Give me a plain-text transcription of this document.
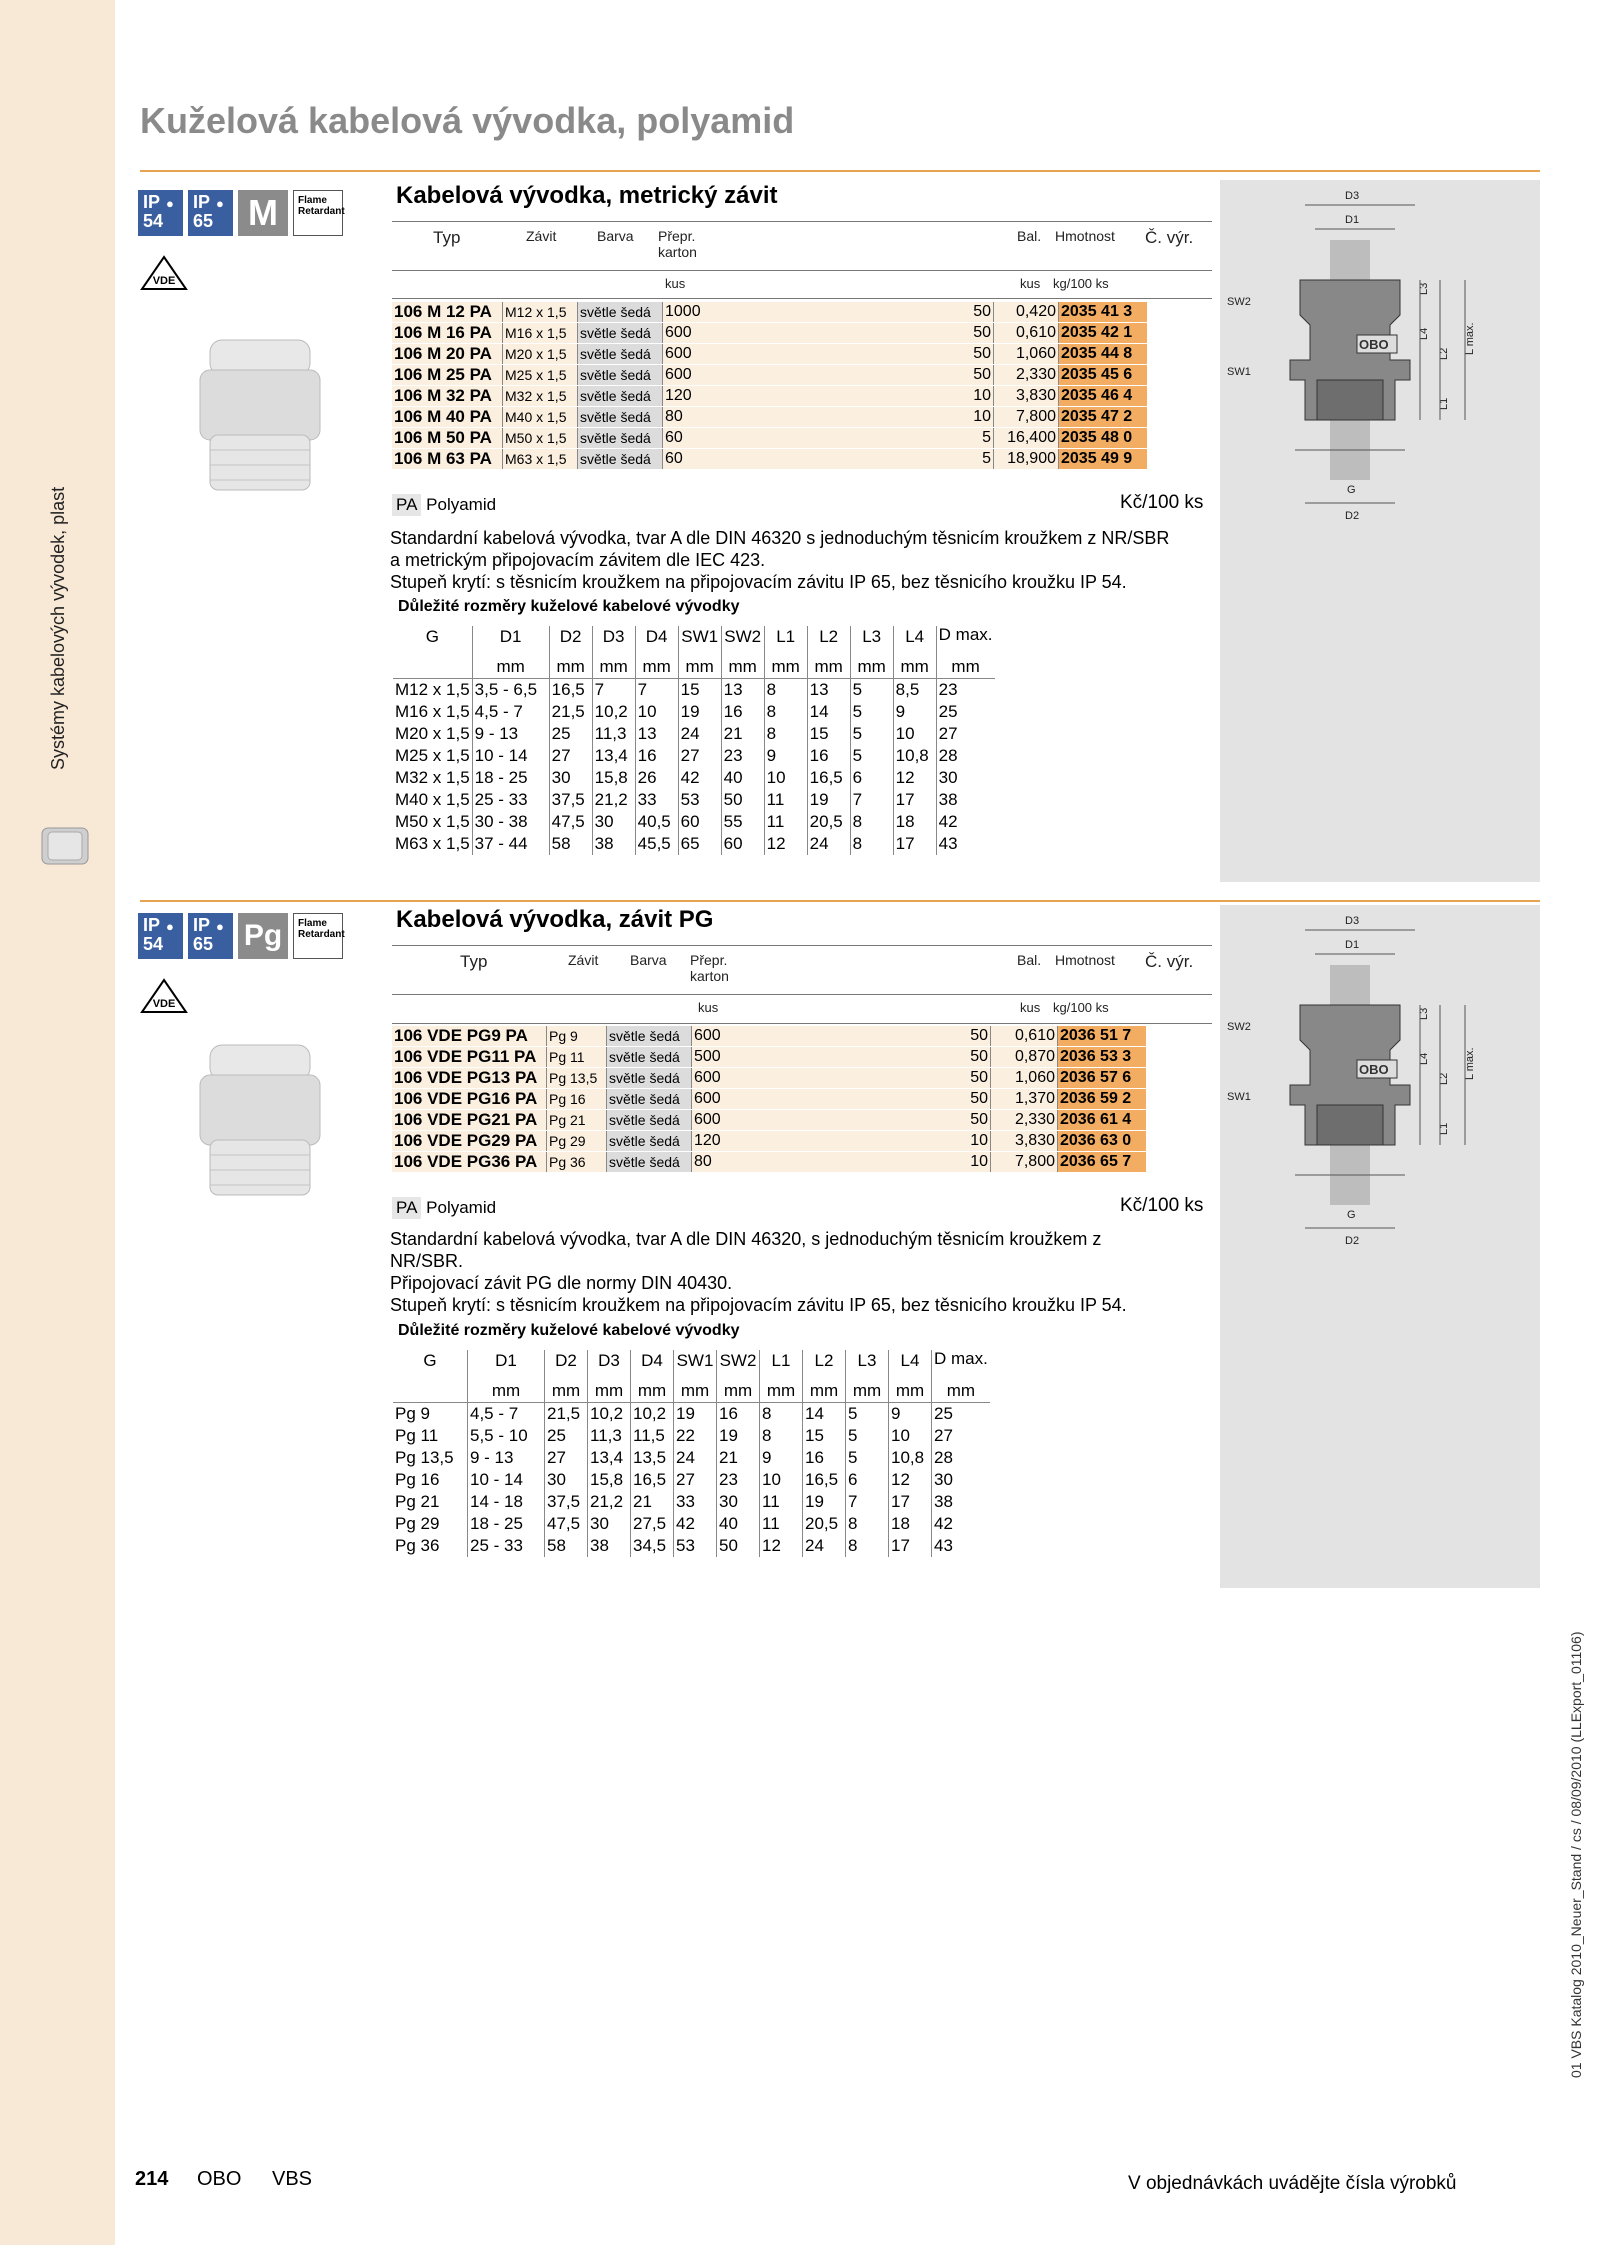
Systémy kabelových vývodek, plast
Kuželová kabelová vývodka, polyamid
IP
54
● IP
65
● M	Flame Retardant
VDE
Kabelová vývodka, metrický závit
Typ	Závit	Barva Přepr.
karton
Bal. Hmotnost Č. výr.
kus	kus kg/100 ks
106 M 12 PA	M12 x 1,5	světle šedá	1000	50	0,420	2035 41 3
106 M 16 PA	M16 x 1,5	světle šedá	600	50	0,610	2035 42 1
106 M 20 PA	M20 x 1,5	světle šedá	600	50	1,060	2035 44 8
106 M 25 PA	M25 x 1,5	světle šedá	600	50	2,330	2035 45 6
106 M 32 PA	M32 x 1,5	světle šedá	120	10	3,830	2035 46 4
106 M 40 PA	M40 x 1,5	světle šedá	80	10	7,800	2035 47 2
106 M 50 PA	M50 x 1,5	světle šedá	60	5	16,400	2035 48 0
106 M 63 PA	M63 x 1,5	světle šedá	60	5	18,900	2035 49 9
PA Polyamid	Kč/100 ks
Standardní kabelová vývodka, tvar A dle DIN 46320 s jednoduchým těsnicím kroužkem z NR/SBR a metrickým připojovacím závitem dle IEC 423.
Stupeň krytí: s těsnicím kroužkem na připojovacím závitu IP 65, bez těsnicího kroužku IP 54.
Důležité rozměry kuželové kabelové vývodky
G	D1	D2	D3	D4	SW1	SW2	L1	L2	L3	L4	D max.
	mm	mm	mm	mm	mm	mm	mm	mm	mm	mm	mm
M12 x 1,5	3,5 - 6,5	16,5	7	7	15	13	8	13	5	8,5	23
M16 x 1,5	4,5 - 7	21,5	10,2	10	19	16	8	14	5	9	25
M20 x 1,5	9 - 13	25	11,3	13	24	21	8	15	5	10	27
M25 x 1,5	10 - 14	27	13,4	16	27	23	9	16	5	10,8	28
M32 x 1,5	18 - 25	30	15,8	26	42	40	10	16,5	6	12	30
M40 x 1,5	25 - 33	37,5	21,2	33	53	50	11	19	7	17	38
M50 x 1,5	30 - 38	47,5	30	40,5	60	55	11	20,5	8	18	42
M63 x 1,5	37 - 44	58	38	45,5	65	60	12	24	8	17	43
D3
D1
SW2
SW1
L3
L4
L2
L1
L max.
G
D2
OBO
IP
54
● IP
65
● Pg	Flame Retardant
VDE
Kabelová vývodka, závit PG
Typ	Závit Barva Přepr.
karton
Bal. Hmotnost Č. výr.
kus	kus kg/100 ks
106 VDE PG9 PA	Pg 9	světle šedá	600	50	0,610	2036 51 7
106 VDE PG11 PA	Pg 11	světle šedá	500	50	0,870	2036 53 3
106 VDE PG13 PA	Pg 13,5	světle šedá	600	50	1,060	2036 57 6
106 VDE PG16 PA	Pg 16	světle šedá	600	50	1,370	2036 59 2
106 VDE PG21 PA	Pg 21	světle šedá	600	50	2,330	2036 61 4
106 VDE PG29 PA	Pg 29	světle šedá	120	10	3,830	2036 63 0
106 VDE PG36 PA	Pg 36	světle šedá	80	10	7,800	2036 65 7
PA Polyamid	Kč/100 ks
Standardní kabelová vývodka, tvar A dle DIN 46320, s jednoduchým těsnicím kroužkem z NR/SBR.
Připojovací závit PG dle normy DIN 40430.
Stupeň krytí: s těsnicím kroužkem na připojovacím závitu IP 65, bez těsnicího kroužku IP 54.
Důležité rozměry kuželové kabelové vývodky
G	D1	D2	D3	D4	SW1	SW2	L1	L2	L3	L4	D max.
	mm	mm	mm	mm	mm	mm	mm	mm	mm	mm	mm
Pg 9	4,5 - 7	21,5	10,2	10,2	19	16	8	14	5	9	25
Pg 11	5,5 - 10	25	11,3	11,5	22	19	8	15	5	10	27
Pg 13,5	9 - 13	27	13,4	13,5	24	21	9	16	5	10,8	28
Pg 16	10 - 14	30	15,8	16,5	27	23	10	16,5	6	12	30
Pg 21	14 - 18	37,5	21,2	21	33	30	11	19	7	17	38
Pg 29	18 - 25	47,5	30	27,5	42	40	11	20,5	8	18	42
Pg 36	25 - 33	58	38	34,5	53	50	12	24	8	17	43
D3
D1
SW2
SW1
L3
L4
L2
L1
L max.
G
D2
OBO
214 OBO VBS	V objednávkách uvádějte čísla výrobků
01 VBS Katalog 2010_Neuer_Stand / cs / 08/09/2010 (LLExport_01106)
